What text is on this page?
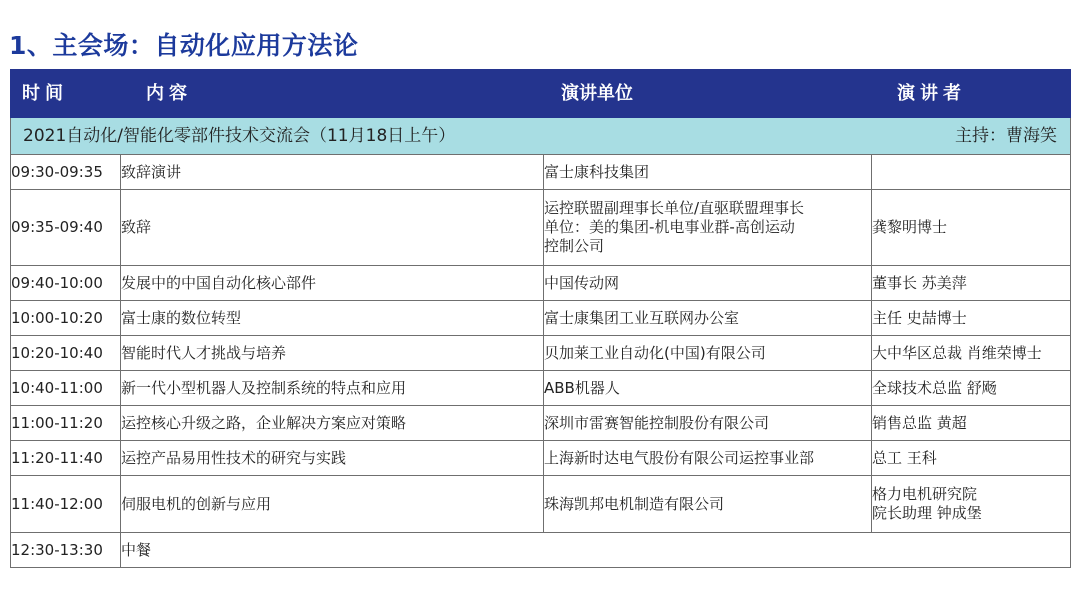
1、主会场：自动化应用方法论
时间	内容	演讲单位	演讲者

2021自动化/智能化零部件技术交流会（11月18日上午） 主持：曹海笑			

09:30-09:35	致辞演讲	富士康科技集团	

09:35-09:40	致辞	运控联盟副理事长单位/直驱联盟理事长
单位：美的集团-机电事业群-高创运动
控制公司	龚黎明博士

09:40-10:00	发展中的中国自动化核心部件	中国传动网	董事长 苏美萍

10:00-10:20	富士康的数位转型	富士康集团工业互联网办公室	主任 史喆博士

10:20-10:40	智能时代人才挑战与培养	贝加莱工业自动化(中国)有限公司	大中华区总裁 肖维荣博士

10:40-11:00	新一代小型机器人及控制系统的特点和应用	ABB机器人	全球技术总监 舒飏

11:00-11:20	运控核心升级之路，企业解决方案应对策略	深圳市雷赛智能控制股份有限公司	销售总监 黄超

11:20-11:40	运控产品易用性技术的研究与实践	上海新时达电气股份有限公司运控事业部	总工 王科

11:40-12:00	伺服电机的创新与应用	珠海凯邦电机制造有限公司	格力电机研究院
院长助理 钟成堡

12:30-13:30	中餐		
